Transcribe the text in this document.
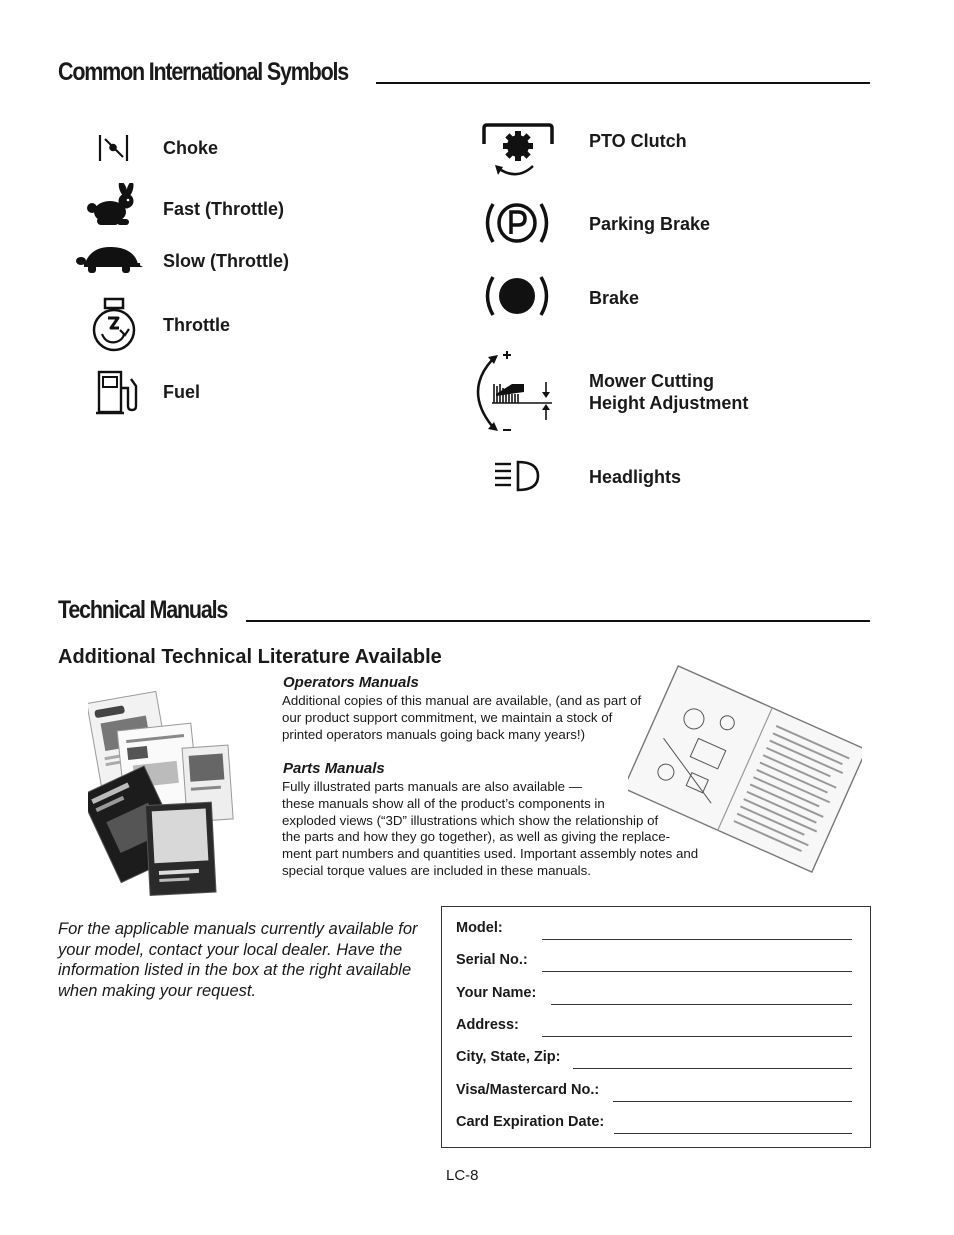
Common International Symbols
Choke
Fast (Throttle)
Slow (Throttle)
Throttle
Fuel
PTO Clutch
Parking Brake
Brake
Mower Cutting
Height Adjustment
Headlights
Technical Manuals
Additional Technical Literature Available
Operators Manuals
Additional copies of this manual are available, (and as part of
our product support commitment, we maintain a stock of
printed operators manuals going back many years!)
Parts Manuals
Fully illustrated parts manuals are also available —
these manuals show all of the product’s components in
exploded views (“3D” illustrations which show the relationship of
the parts and how they go together), as well as giving the replace-
ment part numbers and quantities used. Important assembly notes and
special torque values are included in these manuals.
For the applicable manuals currently available for
your model, contact your local dealer. Have the
information listed in the box at the right available
when making your request.
Model:
Serial No.:
Your Name:
Address:
City, State, Zip:
Visa/Mastercard No.:
Card Expiration Date:
LC-8
